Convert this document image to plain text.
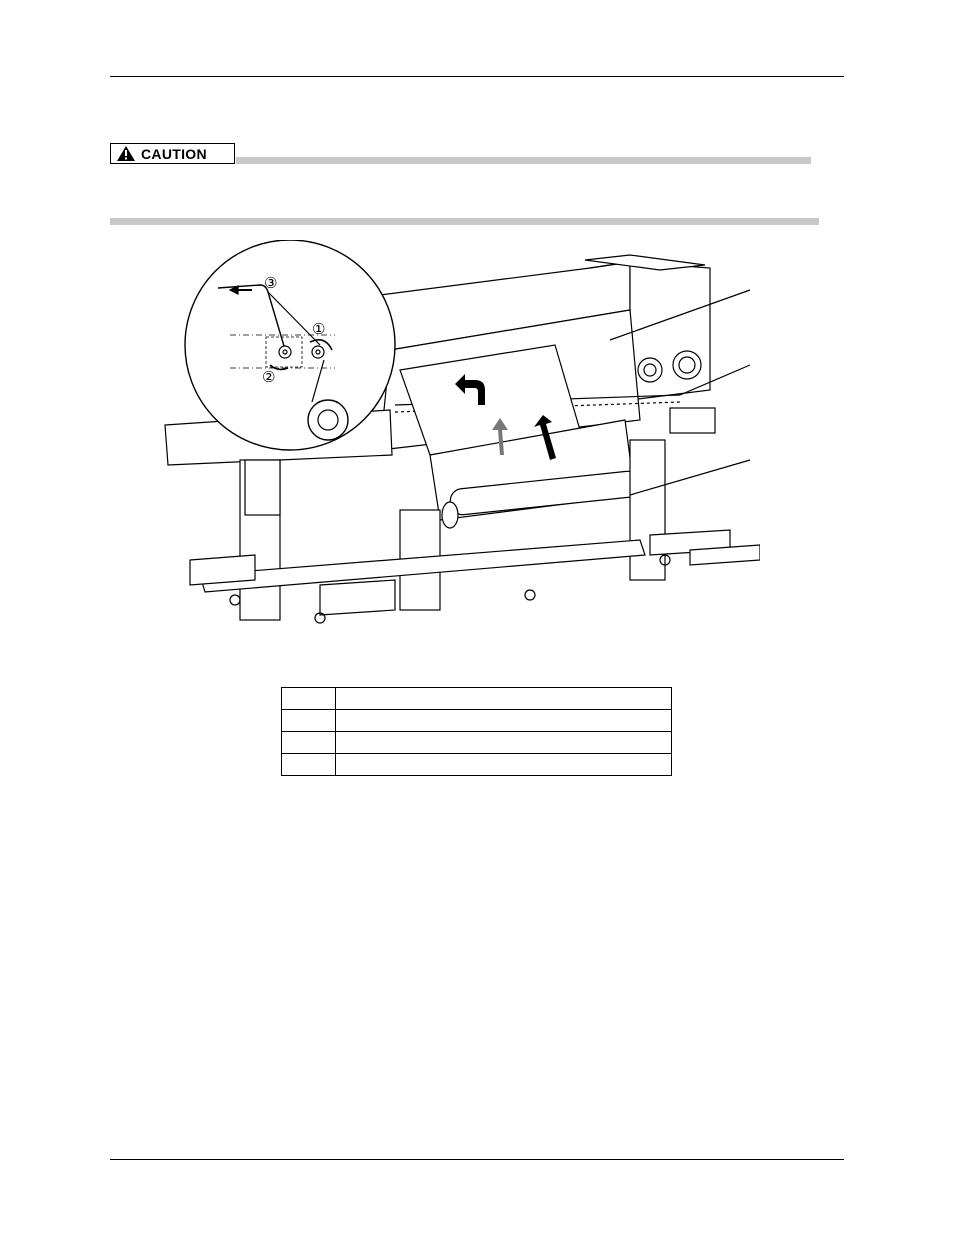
CAUTION
③
①
②
